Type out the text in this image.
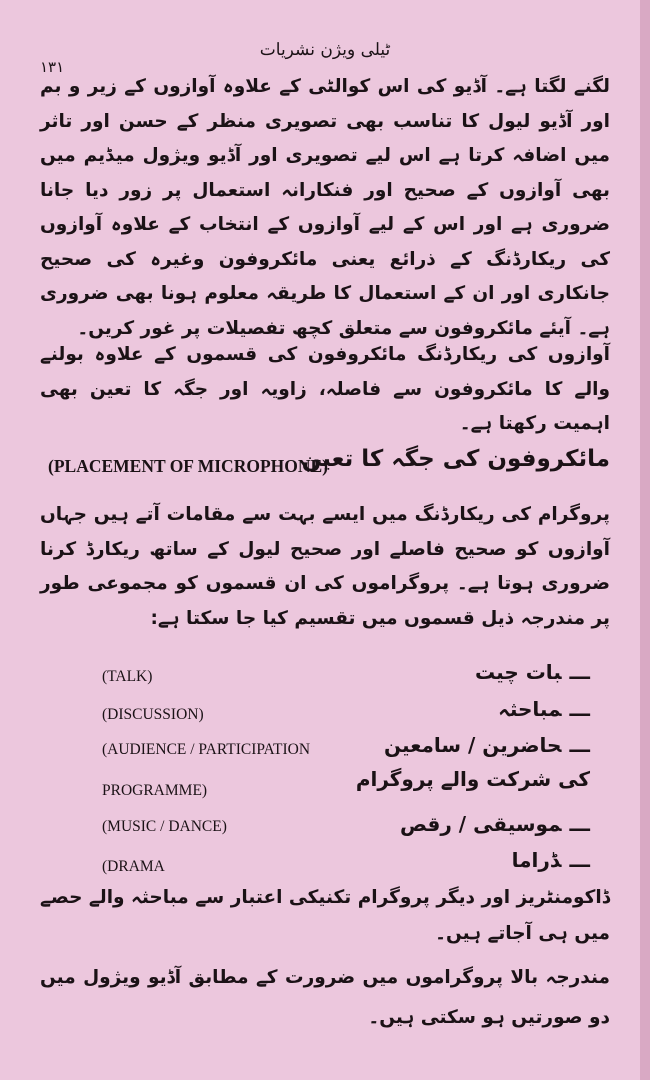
ٹیلی ویژن نشریات
۱۳۱
لگنے لگتا ہے۔ آڈیو کی اس کوالٹی کے علاوہ آوازوں کے زیر و بم اور آڈیو لیول کا تناسب بھی تصویری منظر کے حسن اور تاثر میں اضافہ کرتا ہے اس لیے تصویری اور آڈیو ویژول میڈیم میں بھی آوازوں کے صحیح اور فنکارانہ استعمال پر زور دیا جانا ضروری ہے اور اس کے لیے آوازوں کے انتخاب کے علاوہ آوازوں کی ریکارڈنگ کے ذرائع یعنی مائکروفون وغیرہ کی صحیح جانکاری اور ان کے استعمال کا طریقہ معلوم ہونا بھی ضروری ہے۔ آیئے مائکروفون سے متعلق کچھ تفصیلات پر غور کریں۔
آوازوں کی ریکارڈنگ مائکروفون کی قسموں کے علاوہ بولنے والے کا مائکروفون سے فاصلہ، زاویہ اور جگہ کا تعین بھی اہمیت رکھتا ہے۔
مائکروفون کی جگہ کا تعین
(PLACEMENT OF MICROPHONE)
پروگرام کی ریکارڈنگ میں ایسے بہت سے مقامات آتے ہیں جہاں آوازوں کو صحیح فاصلے اور صحیح لیول کے ساتھ ریکارڈ کرنا ضروری ہوتا ہے۔ پروگراموں کی ان قسموں کو مجموعی طور پر مندرجہ ذیل قسموں میں تقسیم کیا جا سکتا ہے:
ـــبات چیت
(TALK)
ـــمباحثہ
(DISCUSSION)
ـــحاضرین / سامعین
(AUDIENCE / PARTICIPATION
کی شرکت والے پروگرام
PROGRAMME)
ـــموسیقی / رقص
(MUSIC / DANCE)
ـــڈراما
(DRAMA
ڈاکومنٹریز اور دیگر پروگرام تکنیکی اعتبار سے مباحثہ والے حصے میں ہی آجاتے ہیں۔
مندرجہ بالا پروگراموں میں ضرورت کے مطابق آڈیو ویژول میں دو صورتیں ہو سکتی ہیں۔
